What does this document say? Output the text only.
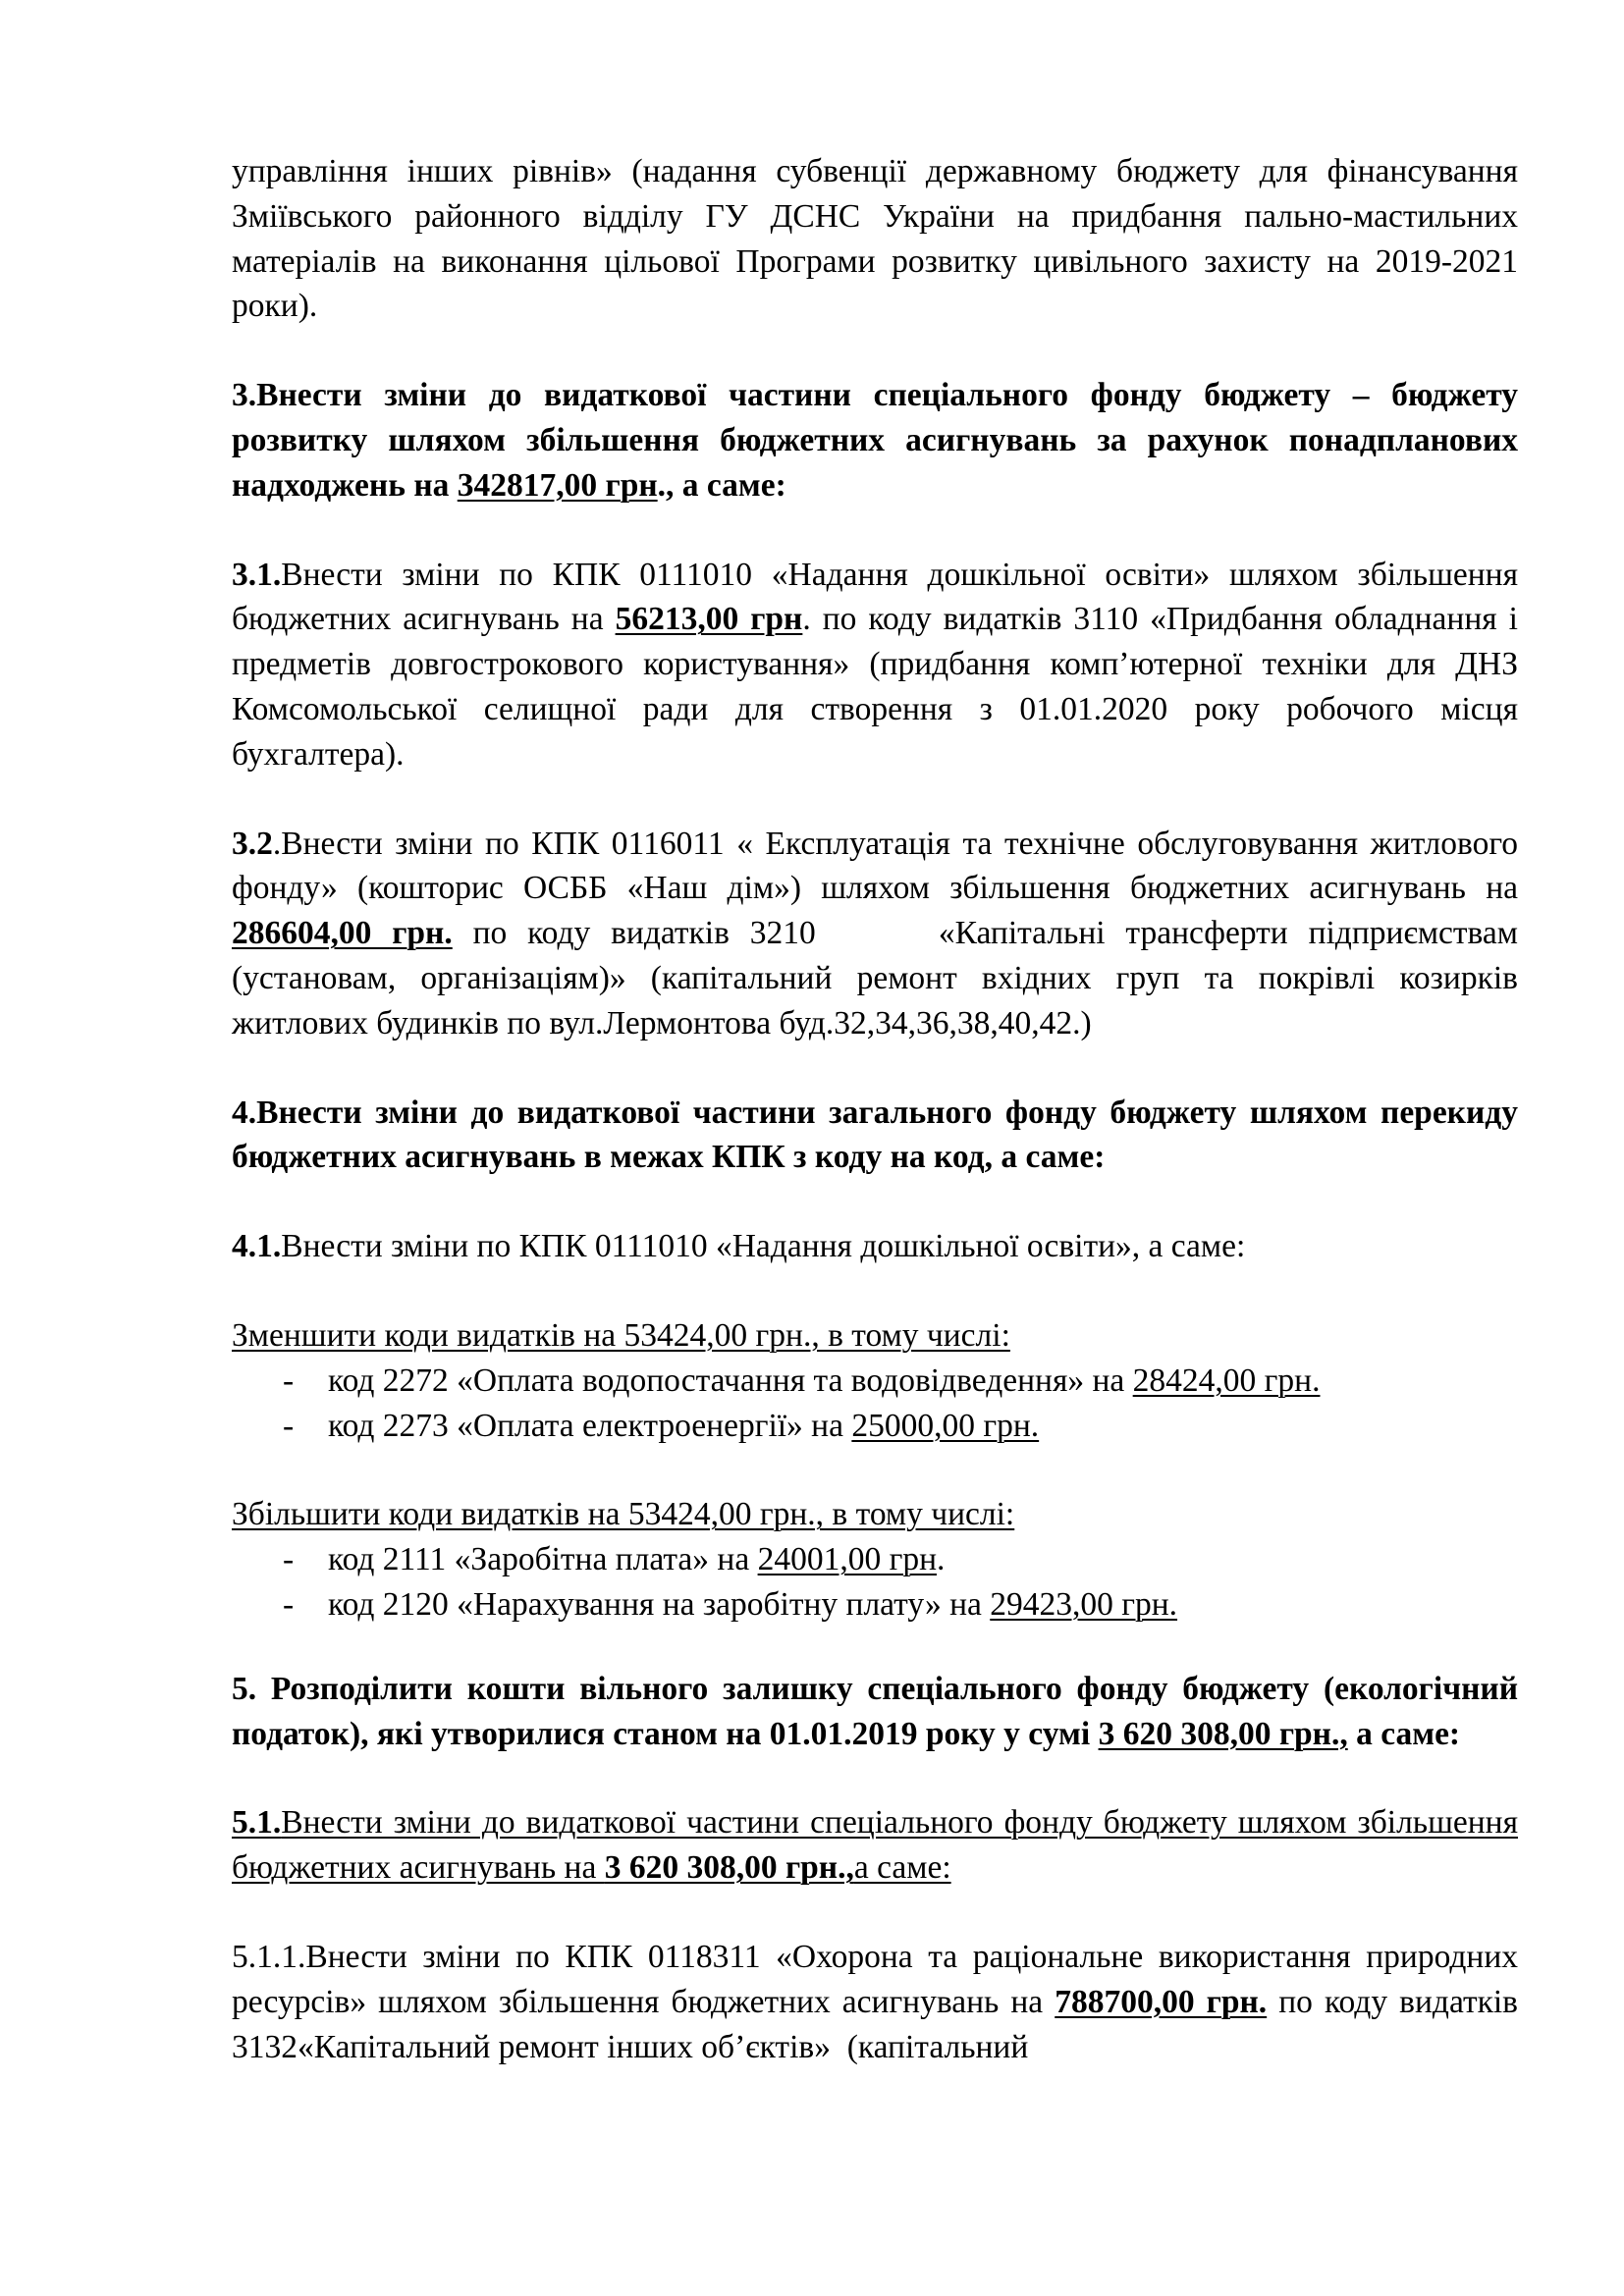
управління інших рівнів» (надання субвенції державному бюджету для фінансування Зміївського районного відділу ГУ ДСНС України на придбання пально-мастильних матеріалів на виконання цільової Програми розвитку цивільного захисту на 2019-2021 роки).

3.Внести зміни до видаткової частини спеціального фонду бюджету – бюджету розвитку шляхом збільшення бюджетних асигнувань за рахунок понадпланових надходжень на 342817,00 грн., а саме:

3.1.Внести зміни по КПК 0111010 «Надання дошкільної освіти» шляхом збільшення бюджетних асигнувань на 56213,00 грн. по коду видатків 3110 «Придбання обладнання і предметів довгострокового користування» (придбання комп’ютерної техніки для ДНЗ Комсомольської селищної ради для створення з 01.01.2020 року робочого місця бухгалтера).

3.2.Внести зміни по КПК 0116011 « Експлуатація та технічне обслуговування житлового фонду» (кошторис ОСББ «Наш дім») шляхом збільшення бюджетних асигнувань на 286604,00 грн. по коду видатків 3210      «Капітальні трансферти підприємствам (установам, організаціям)» (капітальний ремонт вхідних груп та покрівлі козирків житлових будинків по вул.Лермонтова буд.32,34,36,38,40,42.)

4.Внести зміни до видаткової частини загального фонду бюджету шляхом перекиду бюджетних асигнувань в межах КПК з коду на код, а саме:

4.1.Внести зміни по КПК 0111010 «Надання дошкільної освіти», а саме:

Зменшити коди видатків на 53424,00 грн., в тому числі:

- код 2272 «Оплата водопостачання та водовідведення» на 28424,00 грн.
- код 2273 «Оплата електроенергії» на 25000,00 грн.

Збільшити коди видатків на 53424,00 грн., в тому числі:

- код 2111 «Заробітна плата» на 24001,00 грн.
- код 2120 «Нарахування на заробітну плату» на 29423,00 грн.

5. Розподілити кошти вільного залишку спеціального фонду бюджету (екологічний податок), які утворилися станом на 01.01.2019 року у сумі 3 620 308,00 грн., а саме:

5.1.Внести зміни до видаткової частини спеціального фонду бюджету шляхом збільшення бюджетних асигнувань на 3 620 308,00 грн.,а саме:

5.1.1.Внести зміни по КПК 0118311 «Охорона та раціональне використання природних ресурсів» шляхом збільшення бюджетних асигнувань на 788700,00 грн. по коду видатків 3132«Капітальний ремонт інших об’єктів»  (капітальний
